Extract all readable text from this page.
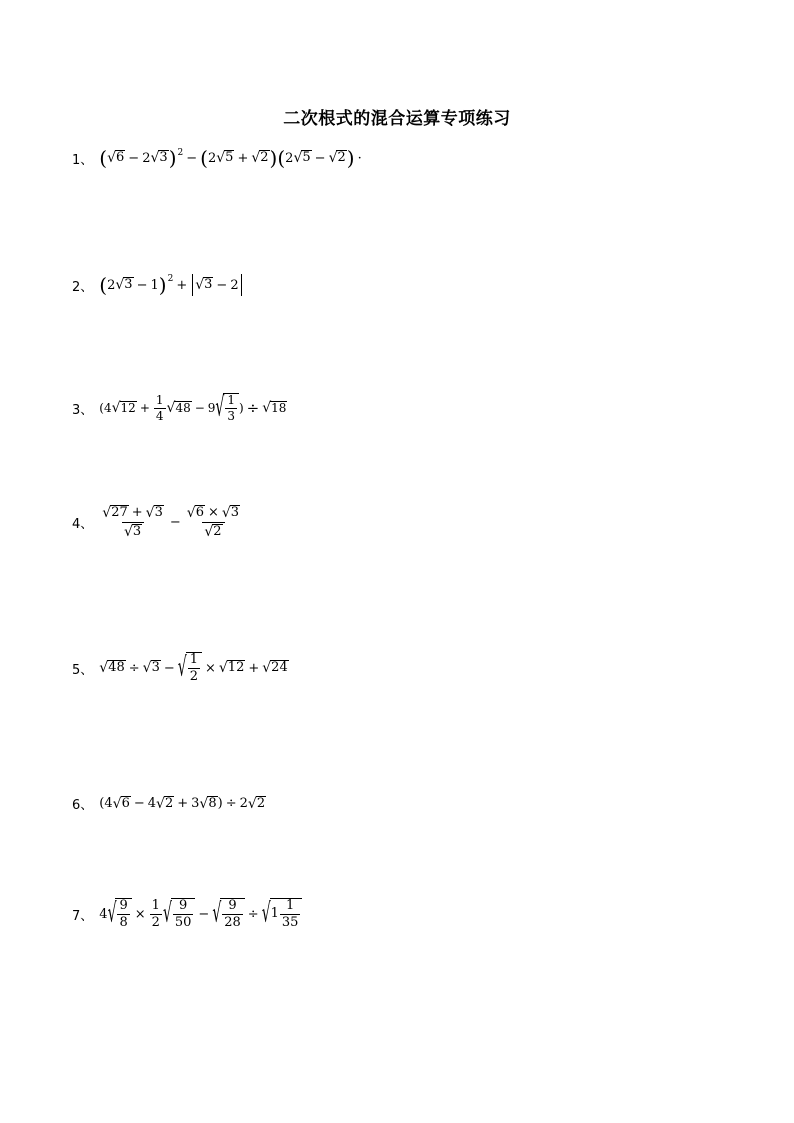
二次根式的混合运算专项练习
1、 ( √ 6 − 2 √ 3 ) 2 − ( 2 √ 5 + √ 2 ) ( 2 √ 5 − √ 2 ) ·
2、 ( 2 √ 3 − 1 ) 2 + √ 3 − 2
3、 ( 4 √ $12 + \frac{1}{4}$ √ 48 − 9 √ $\frac{1}{3}$ ) ÷ √ 18
4、 $\frac{√ 27 + √ 3}{√ 3} - \frac{√ 6 \times √ 3}{√ 2}$
5、 √ 48 ÷ √ 3 − √ $\frac{1}{2}$ × √ 12 + √ 24
6、 ( 4 √ 6 − 4 √ 2 + 3 √ 8 ) ÷ 2 √ 2
7、 4 √ $\frac{9}{8} \times \frac{1}{2}$ √ $\frac{9}{50}$ − √ $\frac{9}{28}$ ÷ √ $1 \frac{1}{35}$
